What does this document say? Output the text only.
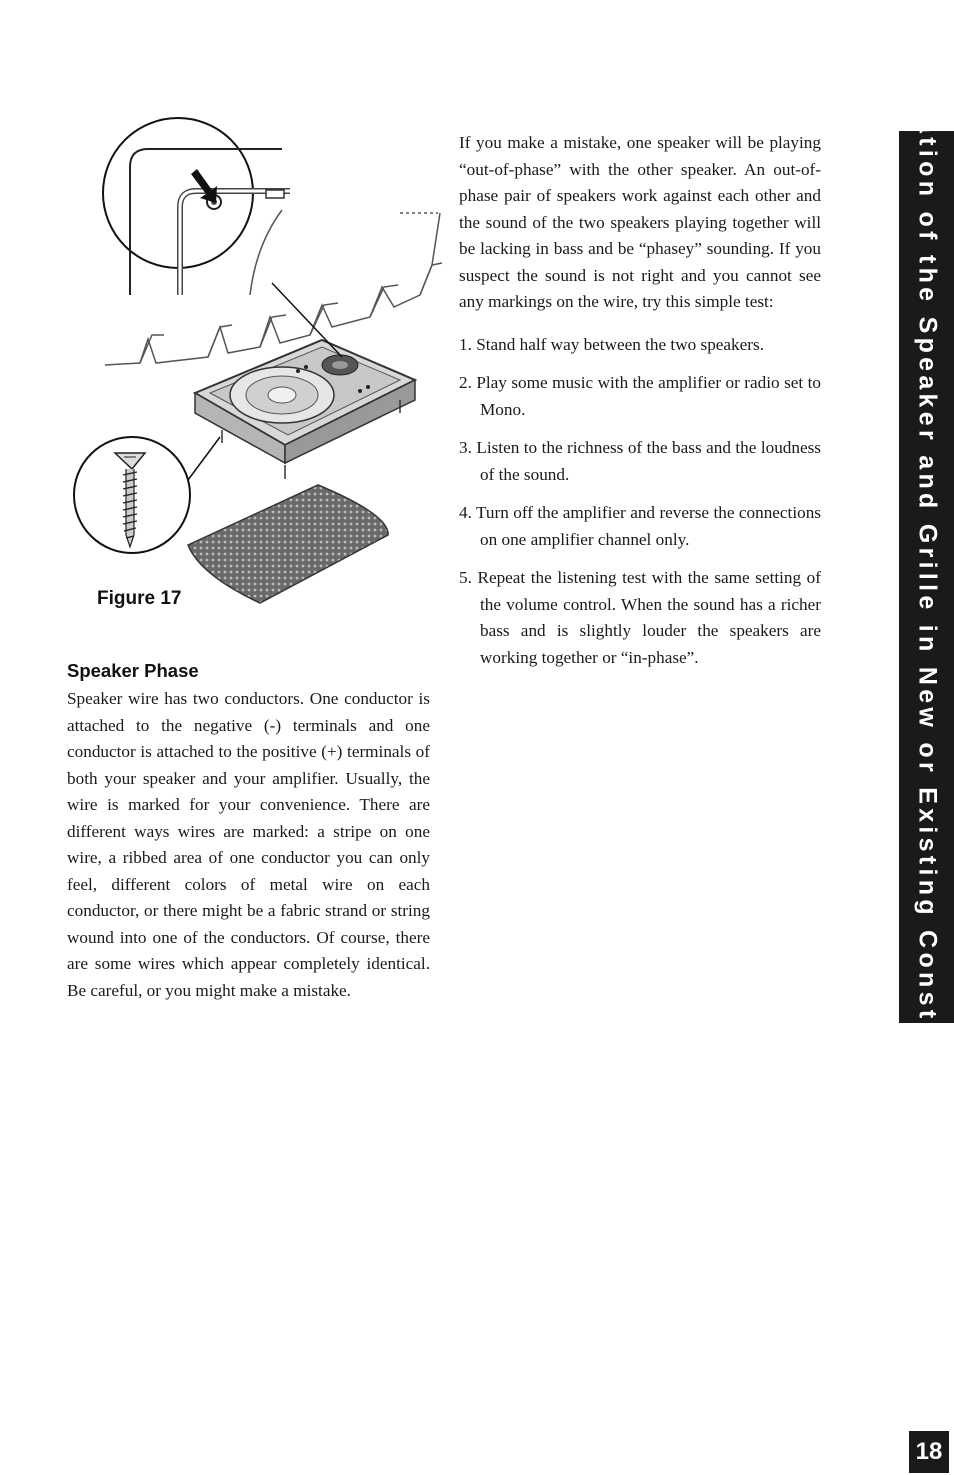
Figure 17
Speaker Phase

Speaker wire has two conductors. One conductor is attached to the negative (-) terminals and one conductor is attached to the positive (+) terminals of both your speaker and your amplifier. Usually, the wire is marked for your convenience. There are different ways wires are marked: a stripe on one wire, a ribbed area of one conductor you can only feel, different colors of metal wire on each conductor, or there might be a fabric strand or string wound into one of the conductors. Of course, there are some wires which appear completely identical. Be careful, or you might make a mistake.

If you make a mistake, one speaker will be playing “out-of-phase” with the other speaker. An out-of-phase pair of speakers work against each other and the sound of the two speakers playing together will be lacking in bass and be “phasey” sounding. If you suspect the sound is not right and you cannot see any markings on the wire, try this simple test:

1. Stand half way between the two speakers.
2. Play some music with the amplifier or radio set to Mono.
3. Listen to the richness of the bass and the loudness of the sound.
4. Turn off the amplifier and reverse the connections on one amplifier channel only.
5. Repeat the listening test with the same setting of the volume control. When the sound has a richer bass and is slightly louder the speakers are working together or “in-phase”.	Installation of the Speaker and Grille in New or Existing Construction
18
